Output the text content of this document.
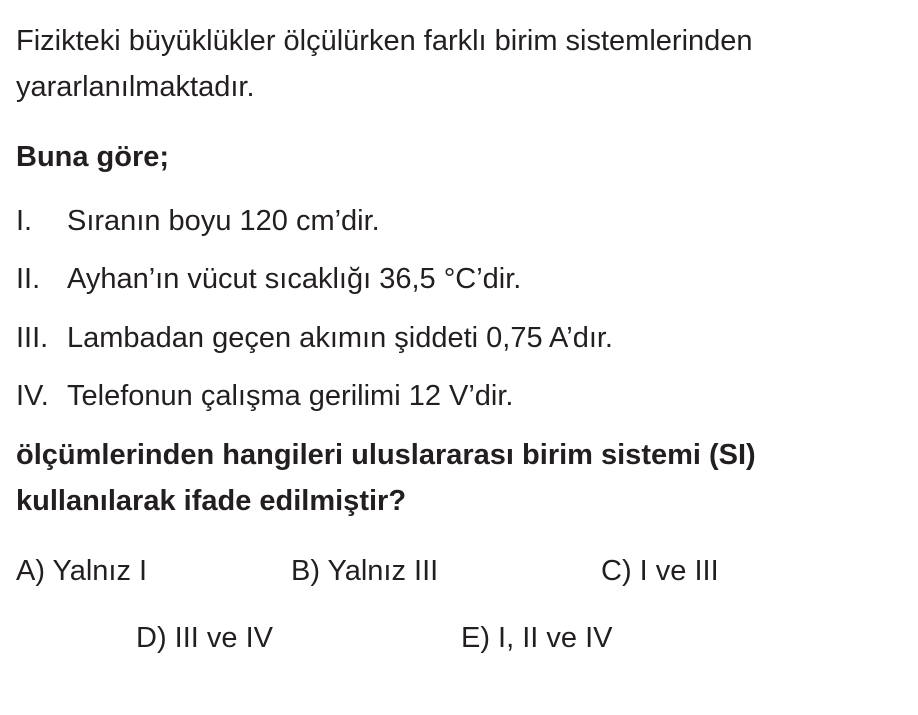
Fizikteki büyüklükler ölçülürken farklı birim sistemlerinden yararlanılmaktadır.

Buna göre;

I. Sıranın boyu 120 cm’dir.
II. Ayhan’ın vücut sıcaklığı 36,5 °C’dir.
III. Lambadan geçen akımın şiddeti 0,75 A’dır.
IV. Telefonun çalışma gerilimi 12 V’dir.

ölçümlerinden hangileri uluslararası birim sistemi (SI) kullanılarak ifade edilmiştir?

A) Yalnız I	B) Yalnız III	C) I ve III
D) III ve IV	E) I, II ve IV
